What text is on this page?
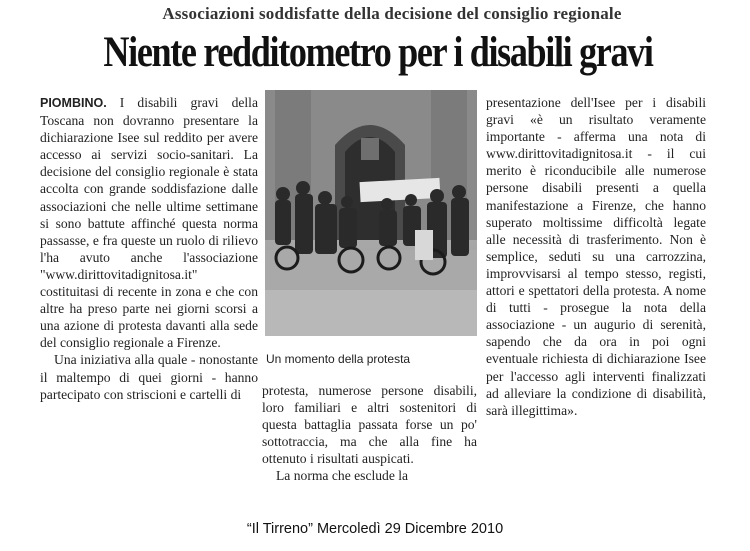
Associazioni soddisfatte della decisione del consiglio regionale
Niente redditometro per i disabili gravi

PIOMBINO. I disabili gravi della Toscana non dovranno presentare la dichiarazione Isee sul reddito per avere accesso ai servizi socio-sanitari. La decisione del consiglio regionale è stata accolta con grande soddisfazione dalle associazioni che nelle ultime settimane si sono battute affinché questa norma passasse, e fra queste un ruolo di rilievo l'ha avuto anche l'associazione "www.dirittovitadignitosa.it" costituitasi di recente in zona e che con altre ha preso parte nei giorni scorsi a una azione di protesta davanti alla sede del consiglio regionale a Firenze.

Una iniziativa alla quale - nonostante il maltempo di quei giorni - hanno partecipato con striscioni e cartelli di

Un momento della protesta

protesta, numerose persone disabili, loro familiari e altri sostenitori di questa battaglia passata forse un po' sottotraccia, ma che alla fine ha ottenuto i risultati auspicati.

La norma che esclude la

presentazione dell'Isee per i disabili gravi «è un risultato veramente importante - afferma una nota di www.dirittovitadignitosa.it - il cui merito è riconducibile alle numerose persone disabili presenti a quella manifestazione a Firenze, che hanno superato moltissime difficoltà legate alle necessità di trasferimento. Non è semplice, seduti su una carrozzina, improvvisarsi al tempo stesso, registi, attori e spettatori della protesta. A nome di tutti - prosegue la nota della associazione - un augurio di serenità, sapendo che da ora in poi ogni eventuale richiesta di dichiarazione Isee per l'accesso agli interventi finalizzati ad alleviare la condizione di disabilità, sarà illegittima».

“Il Tirreno” Mercoledì 29 Dicembre 2010
